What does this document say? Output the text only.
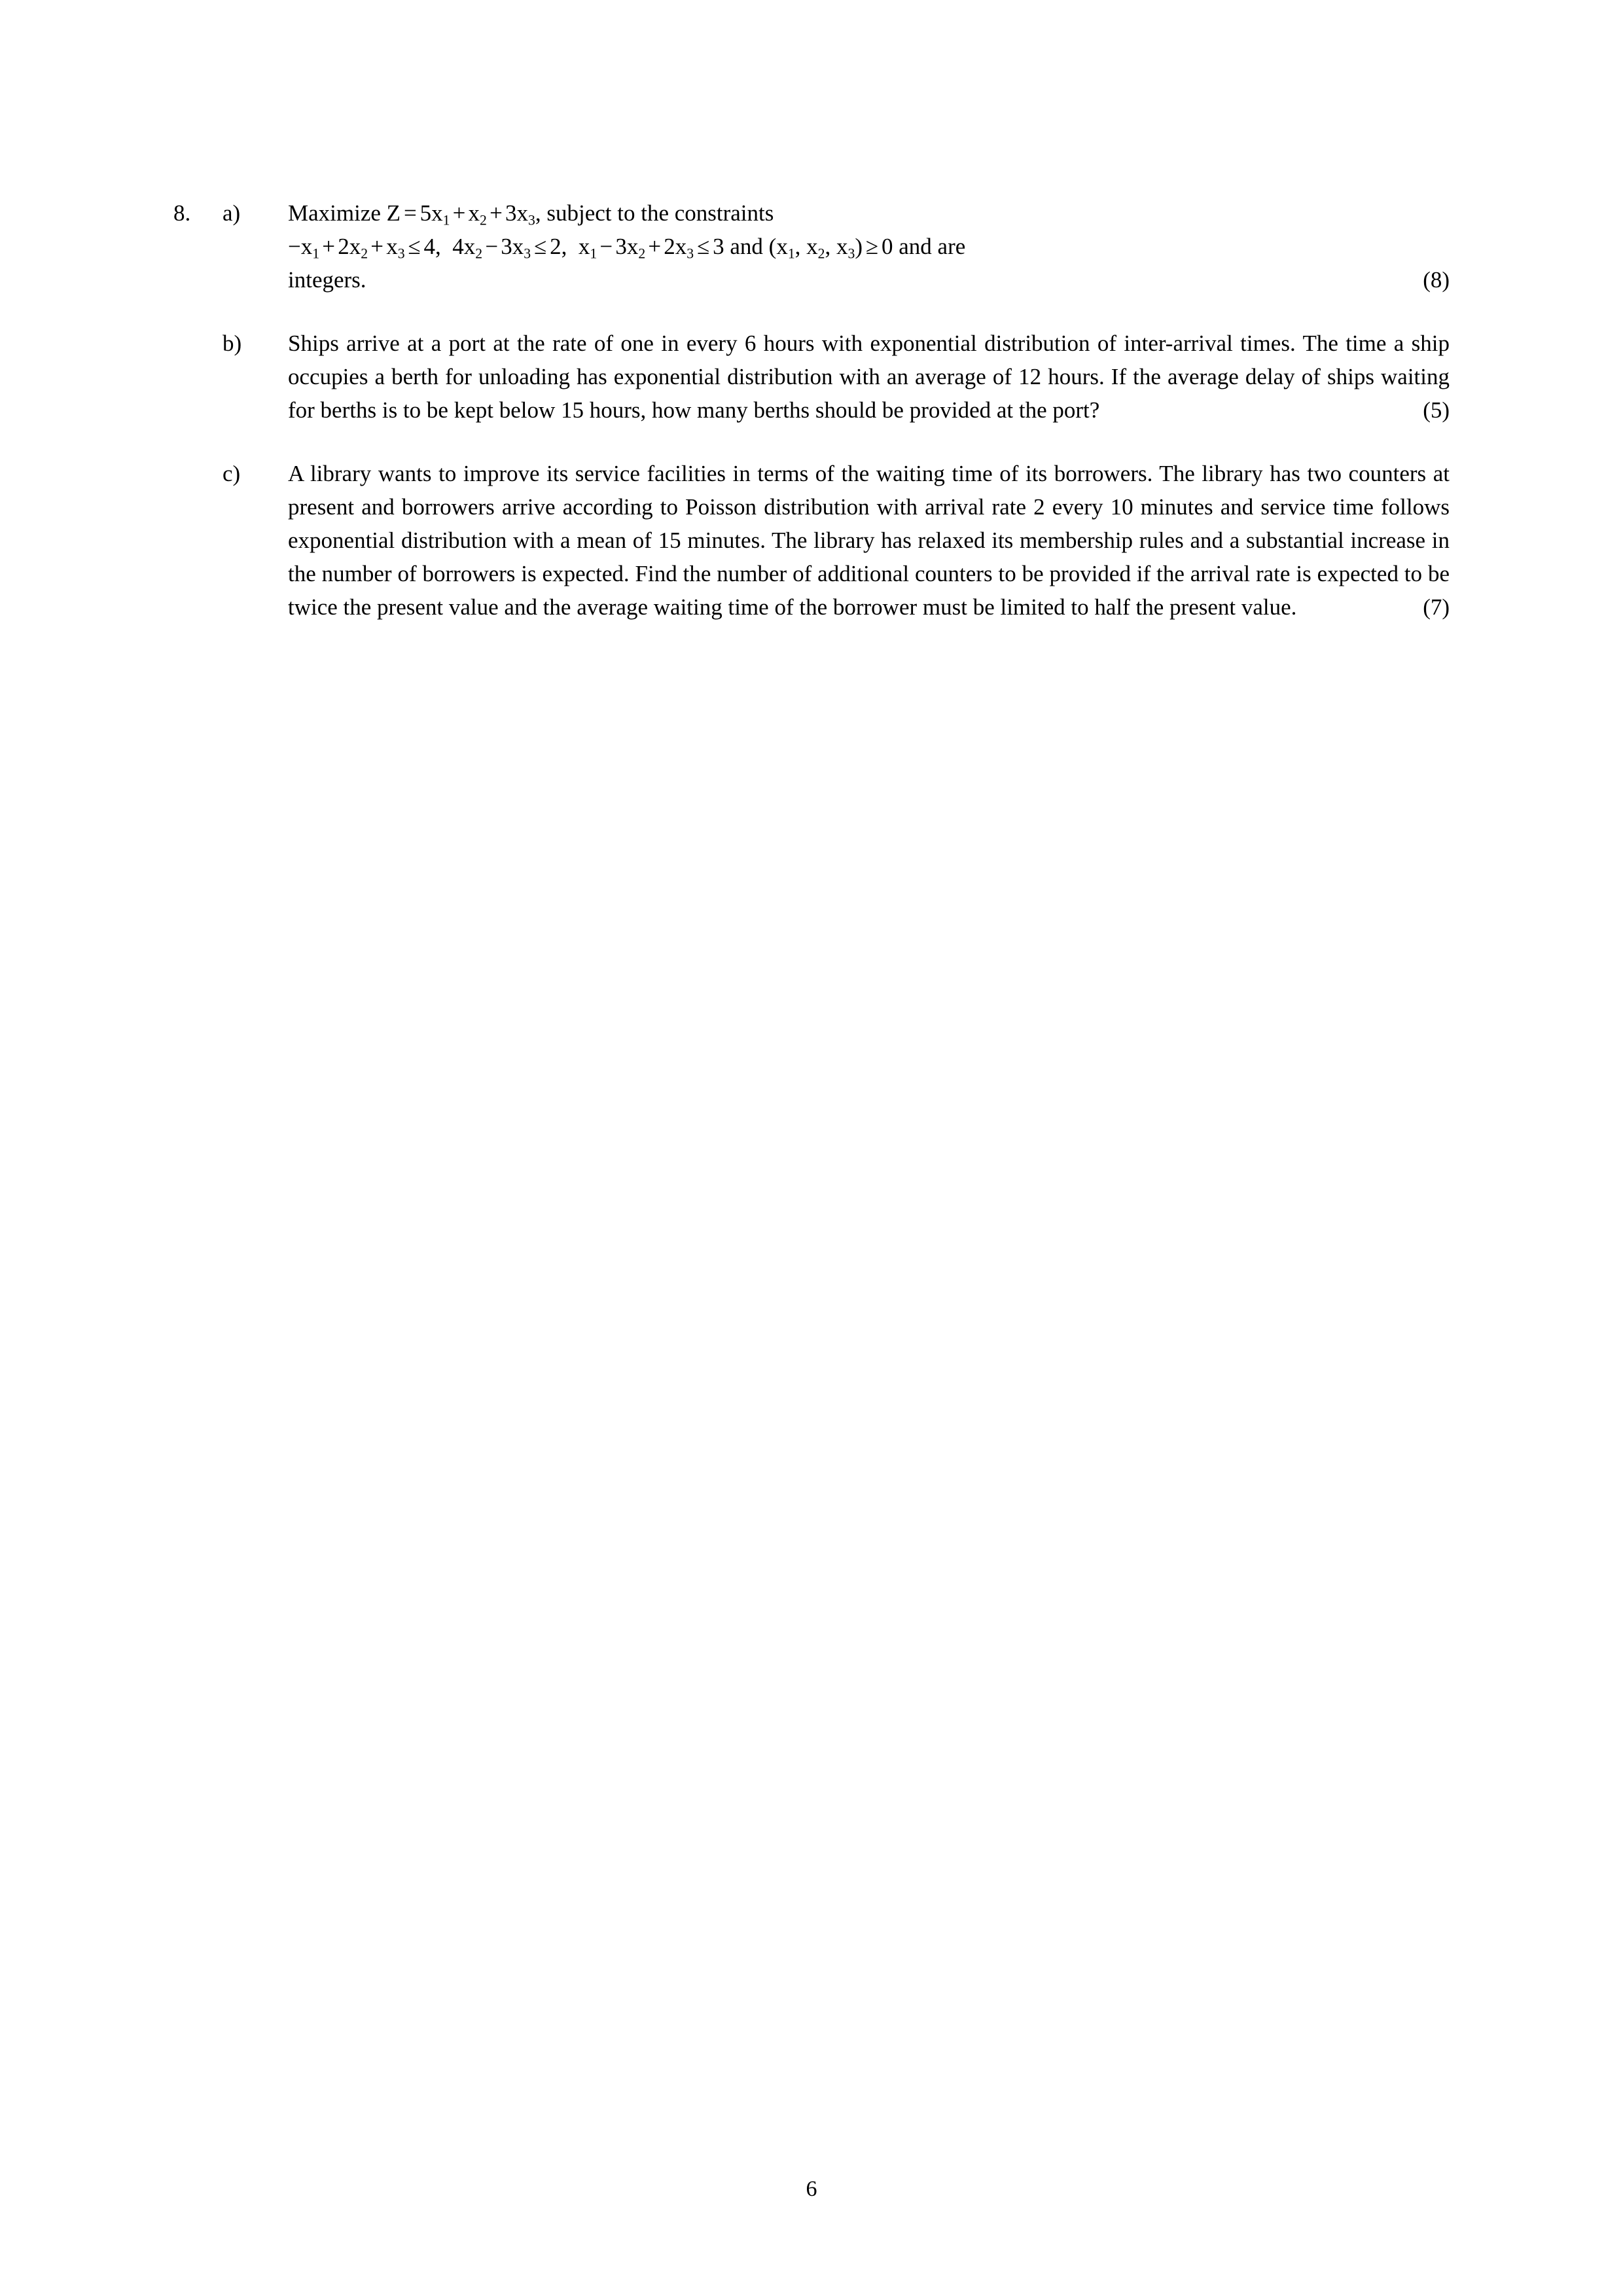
8.	a)	Maximize $Z = 5x_1 + x_2 + 3x_3$, subject to the constraints
$-x_1 + 2x_2 + x_3 \le 4$, $4x_2 - 3x_3 \le 2$, $x_1 - 3x_2 + 2x_3 \le 3$ and ($x_1$, $x_2$, $x_3) \ge 0$ and are
integers.	(8)
b)	Ships arrive at a port at the rate of one in every 6 hours with exponential distribution of inter-arrival times. The time a ship occupies a berth for unloading has exponential distribution with an average of 12 hours. If the average delay of ships waiting for berths is to be kept below 15 hours, how many berths should be provided at the port?	(5)
c)	A library wants to improve its service facilities in terms of the waiting time of its borrowers. The library has two counters at present and borrowers arrive according to Poisson distribution with arrival rate 2 every 10 minutes and service time follows exponential distribution with a mean of 15 minutes. The library has relaxed its membership rules and a substantial increase in the number of borrowers is expected. Find the number of additional counters to be provided if the arrival rate is expected to be twice the present value and the average waiting time of the borrower must be limited to half the present value.	(7)
6
